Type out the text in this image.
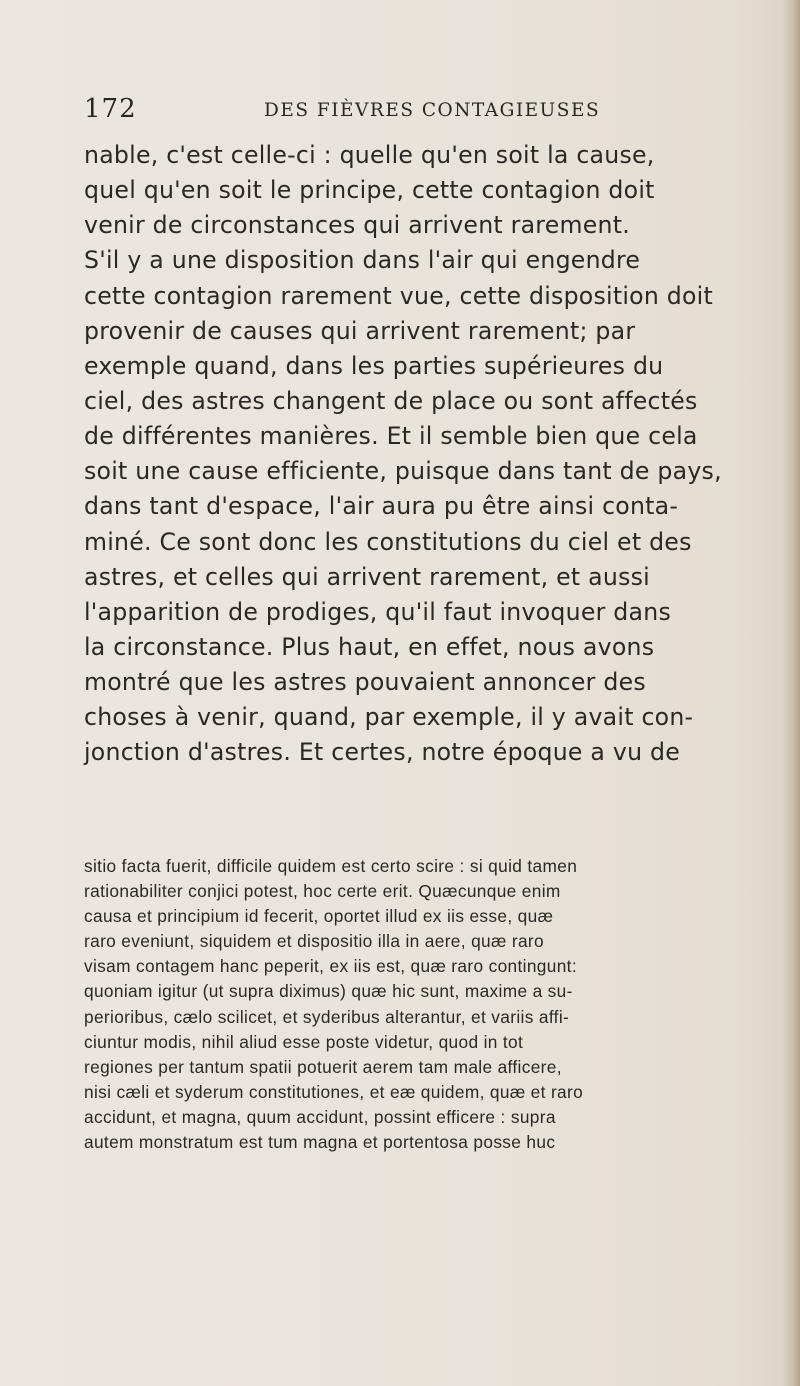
172	DES FIÈVRES CONTAGIEUSES
nable, c'est celle-ci : quelle qu'en soit la cause,
quel qu'en soit le principe, cette contagion doit
venir de circonstances qui arrivent rarement.
S'il y a une disposition dans l'air qui engendre
cette contagion rarement vue, cette disposition doit
provenir de causes qui arrivent rarement; par
exemple quand, dans les parties supérieures du
ciel, des astres changent de place ou sont affectés
de différentes manières. Et il semble bien que cela
soit une cause efficiente, puisque dans tant de pays,
dans tant d'espace, l'air aura pu être ainsi conta-
miné. Ce sont donc les constitutions du ciel et des
astres, et celles qui arrivent rarement, et aussi
l'apparition de prodiges, qu'il faut invoquer dans
la circonstance. Plus haut, en effet, nous avons
montré que les astres pouvaient annoncer des
choses à venir, quand, par exemple, il y avait con-
jonction d'astres. Et certes, notre époque a vu de
sitio facta fuerit, difficile quidem est certo scire : si quid tamen
rationabiliter conjici potest, hoc certe erit. Quæcunque enim
causa et principium id fecerit, oportet illud ex iis esse, quæ
raro eveniunt, siquidem et dispositio illa in aere, quæ raro
visam contagem hanc peperit, ex iis est, quæ raro contingunt:
quoniam igitur (ut supra diximus) quæ hic sunt, maxime a su-
perioribus, cælo scilicet, et syderibus alterantur, et variis affi-
ciuntur modis, nihil aliud esse poste videtur, quod in tot
regiones per tantum spatii potuerit aerem tam male afficere,
nisi cæli et syderum constitutiones, et eæ quidem, quæ et raro
accidunt, et magna, quum accidunt, possint efficere : supra
autem monstratum est tum magna et portentosa posse huc
